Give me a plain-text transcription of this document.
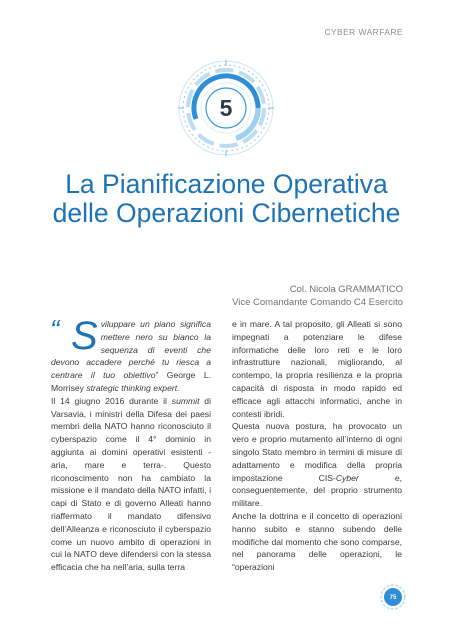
CYBER WARFARE
5
La Pianificazione Operativa
delle Operazioni Cibernetiche
Col. Nicola GRAMMATICO
Vice Comandante Comando C4 Esercito

“ S viluppare un piano significa mettere nero su bianco la sequenza di eventi che devono accadere perché tu riesca a centrare il tuo obiettivo” George L. Morrisey strategic thinking expert.

Il 14 giugno 2016 durante il summit di Varsavia, i ministri della Difesa dei paesi membri della NATO hanno riconosciuto il cyberspazio come il 4° dominio in aggiunta ai domini operativi esistenti -aria, mare e terra-. Questo riconoscimento non ha cambiato la missione e il mandato della NATO infatti, i capi di Stato e di governo Alleati hanno riaffermato il mandato difensivo dell’Alleanza e riconosciuto il cyberspazio come un nuovo ambito di operazioni in cui la NATO deve difendersi con la stessa efficacia che ha nell’aria, sulla terra

e in mare. A tal proposito, gli Alleati si sono impegnati a potenziare le difese informatiche delle loro reti e le loro infrastrutture nazionali, migliorando, al contempo, la propria resilienza e la propria capacità di risposta in modo rapido ed efficace agli attacchi informatici, anche in contesti ibridi.

Questa nuova postura, ha provocato un vero e proprio mutamento all’interno di ogni singolo Stato membro in termini di misure di adattamento e modifica della propria impostazione CIS-Cyber e, conseguentemente, del proprio strumento militare.

Anche la dottrina e il concetto di operazioni hanno subito e stanno subendo delle modifiche dal momento che sono comparse, nel panorama delle operazioni, le “operazioni

75
